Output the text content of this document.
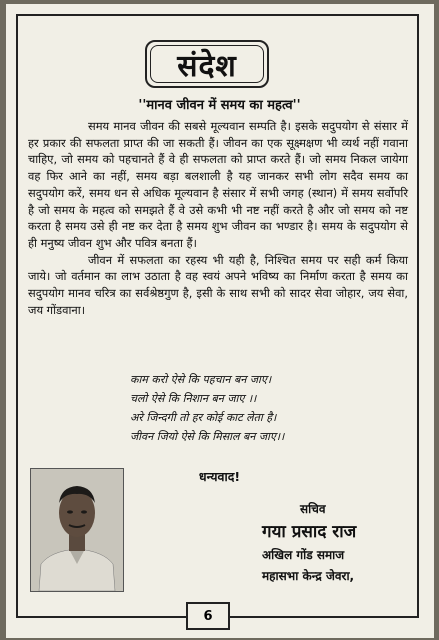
संदेश
''मानव जीवन में समय का महत्व''

समय मानव जीवन की सबसे मूल्यवान सम्पति है। इसके सदुपयोग से संसार में हर प्रकार की सफलता प्राप्त की जा सकती हैं। जीवन का एक सूक्ष्मक्षण भी व्यर्थ नहीं गवाना चाहिए, जो समय को पहचानते हैं वे ही सफलता को प्राप्त करते हैं। जो समय निकल जायेगा वह फिर आने का नहीं, समय बड़ा बलशाली है यह जानकर सभी लोग सदैव समय का सदुपयोग करें, समय धन से अधिक मूल्यवान है संसार में सभी जगह (स्थान) में समय सर्वोपरि है जो समय के महत्व को समझते हैं वे उसे कभी भी नष्ट नहीं करते है और जो समय को नष्ट करता है समय उसे ही नष्ट कर देता है समय शुभ जीवन का भण्डार है। समय के सदुपयोग से ही मनुष्य जीवन शुभ और पवित्र बनता हैं।

जीवन में सफलता का रहस्य भी यही है, निश्चित समय पर सही कर्म किया जाये। जो वर्तमान का लाभ उठाता है वह स्वयं अपने भविष्य का निर्माण करता है समय का सदुपयोग मानव चरित्र का सर्वश्रेष्ठगुण है, इसी के साथ सभी को सादर सेवा जोहार, जय सेवा, जय गोंडवाना।

काम करो ऐसे कि पहचान बन जाए।
चलो ऐसे कि निशान बन जाए ।।
अरे जिन्दगी तो हर कोई काट लेता है।
जीवन जियो ऐसे कि मिसाल बन जाए।।
धन्यवाद!
सचिव
गया प्रसाद राज
अखिल गोंड समाज
महासभा केन्द्र जेवरा,
6
